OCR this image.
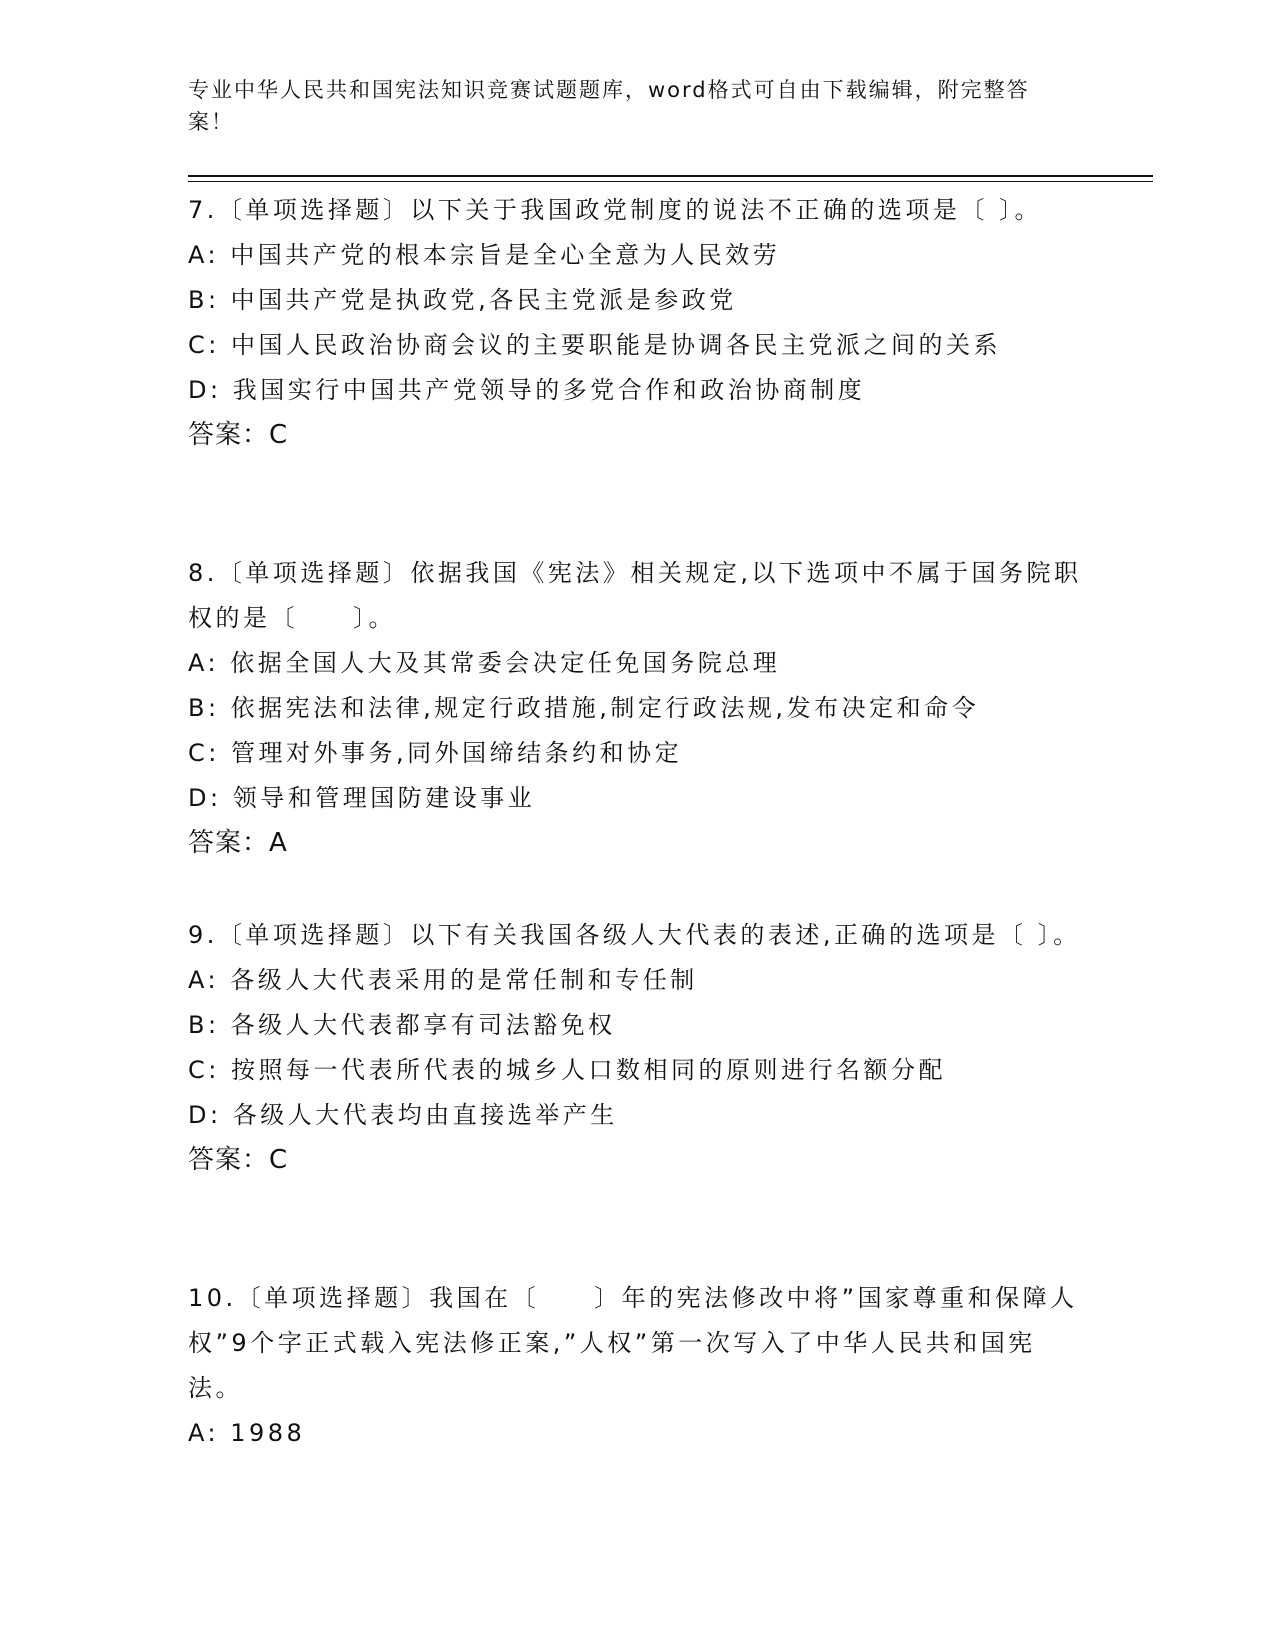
专业中华人民共和国宪法知识竞赛试题题库，word格式可自由下载编辑，附完整答案！

7.〔单项选择题〕以下关于我国政党制度的说法不正确的选项是〔 〕。

A: 中国共产党的根本宗旨是全心全意为人民效劳

B: 中国共产党是执政党,各民主党派是参政党

C: 中国人民政治协商会议的主要职能是协调各民主党派之间的关系

D: 我国实行中国共产党领导的多党合作和政治协商制度

答案：C

8.〔单项选择题〕依据我国《宪法》相关规定,以下选项中不属于国务院职权的是〔　　〕。

A: 依据全国人大及其常委会决定任免国务院总理

B: 依据宪法和法律,规定行政措施,制定行政法规,发布决定和命令

C: 管理对外事务,同外国缔结条约和协定

D: 领导和管理国防建设事业

答案：A

9.〔单项选择题〕以下有关我国各级人大代表的表述,正确的选项是〔 〕。

A: 各级人大代表采用的是常任制和专任制

B: 各级人大代表都享有司法豁免权

C: 按照每一代表所代表的城乡人口数相同的原则进行名额分配

D: 各级人大代表均由直接选举产生

答案：C

10.〔单项选择题〕我国在〔　　〕年的宪法修改中将”国家尊重和保障人权”9个字正式载入宪法修正案,”人权”第一次写入了中华人民共和国宪法。

A: 1988
